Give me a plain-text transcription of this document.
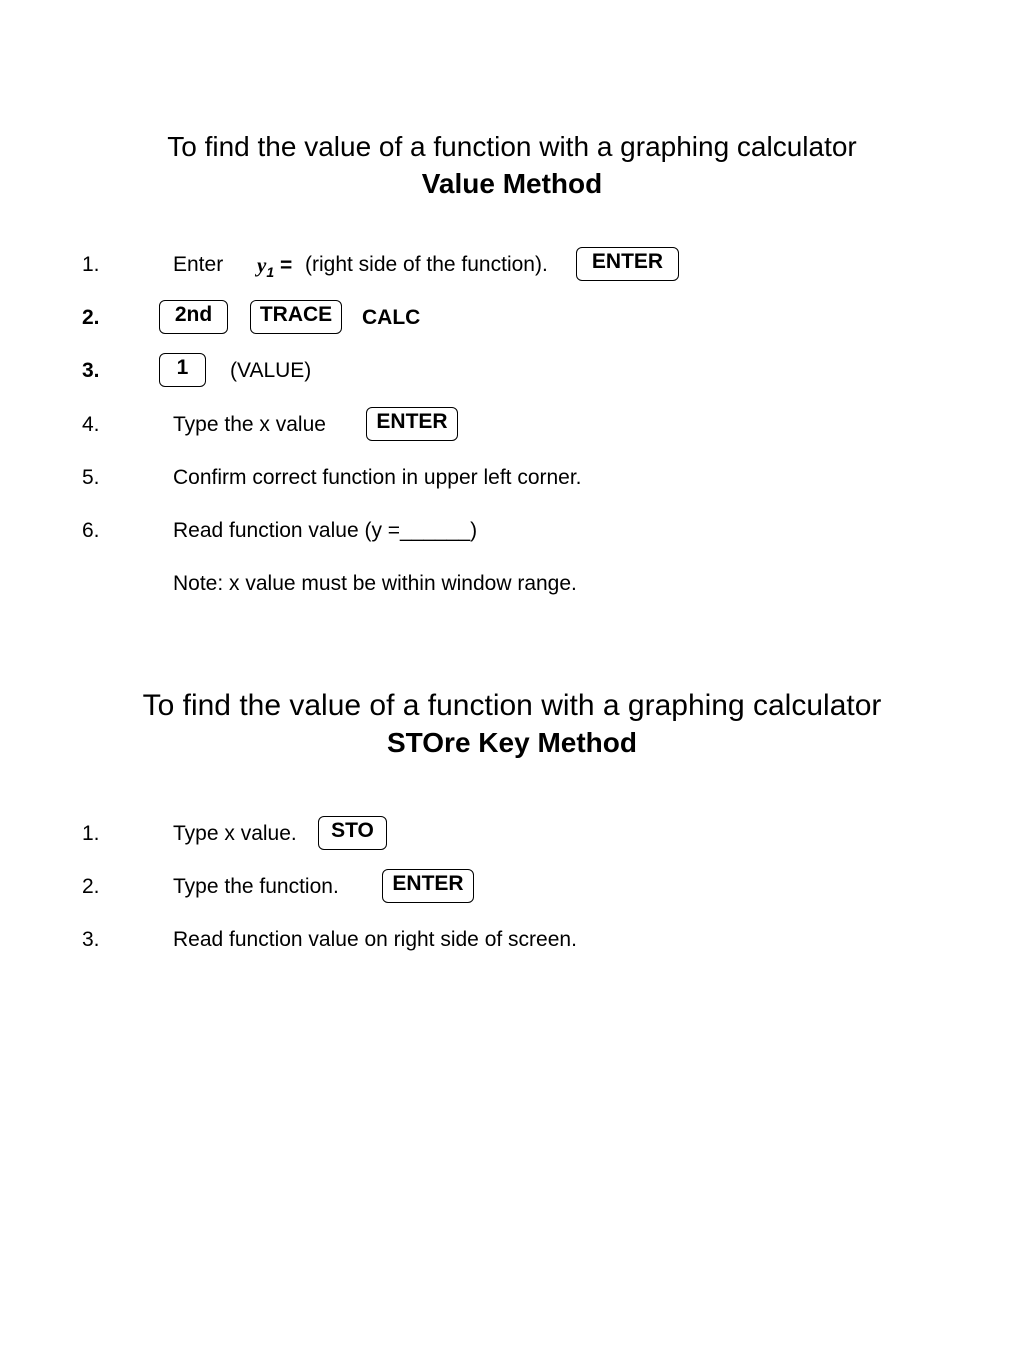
To find the value of a function with a graphing calculator
Value Method
1.	Enter $y_1$ = (right side of the function).	ENTER
2.	2nd	TRACE	CALC
3.	1	(VALUE)
4.	Type the x value	ENTER
5.	Confirm correct function in upper left corner.
6.	Read function value (y =______)
Note: x value must be within window range.
To find the value of a function with a graphing calculator
STOre Key Method
1.	Type x value.	STO
2.	Type the function.	ENTER
3.	Read function value on right side of screen.
